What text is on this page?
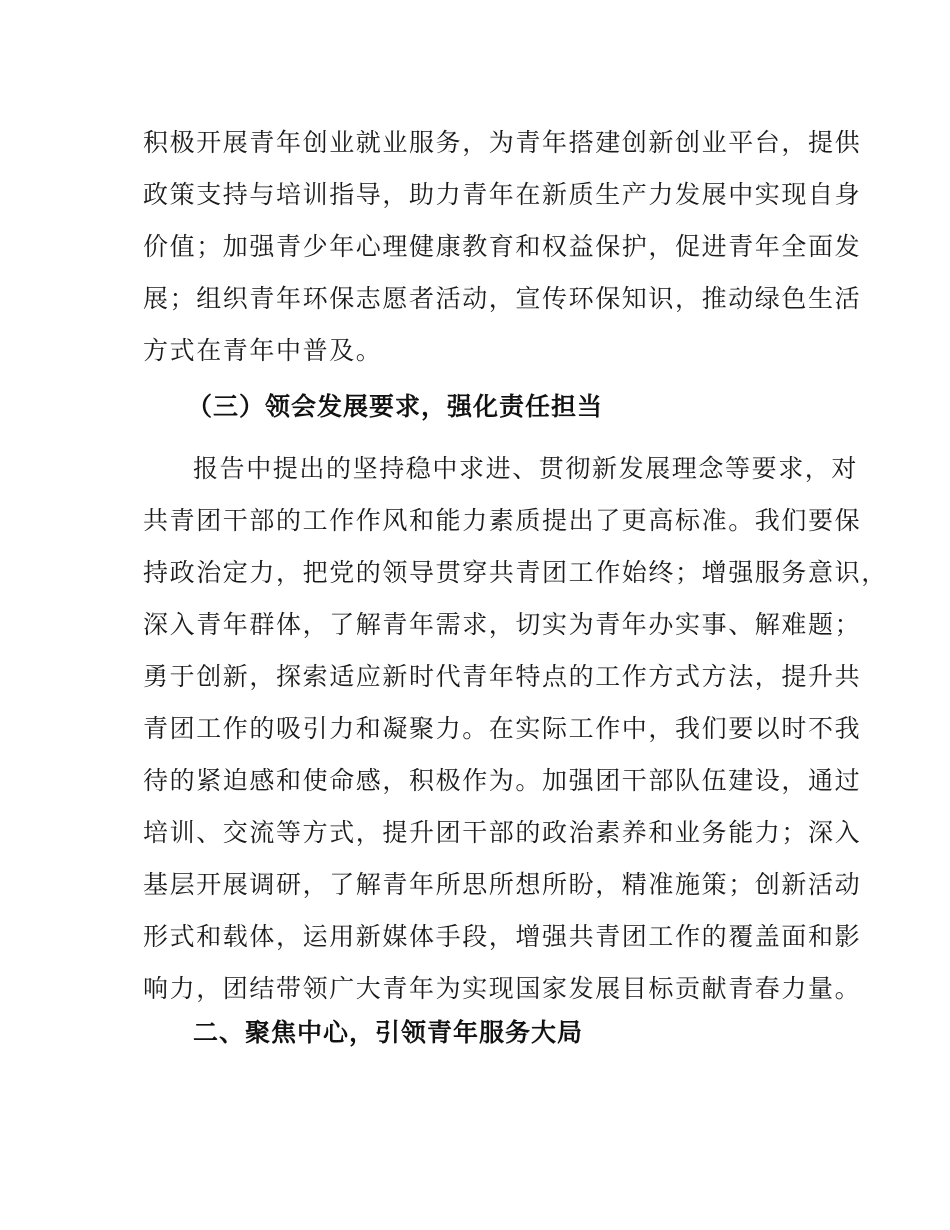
积极开展青年创业就业服务，为青年搭建创新创业平台，提供
政策支持与培训指导，助力青年在新质生产力发展中实现自身
价值；加强青少年心理健康教育和权益保护，促进青年全面发
展；组织青年环保志愿者活动，宣传环保知识，推动绿色生活
方式在青年中普及。
（三）领会发展要求，强化责任担当
报告中提出的坚持稳中求进、贯彻新发展理念等要求，对
共青团干部的工作作风和能力素质提出了更高标准。我们要保
持政治定力，把党的领导贯穿共青团工作始终；增强服务意识，
深入青年群体，了解青年需求，切实为青年办实事、解难题；
勇于创新，探索适应新时代青年特点的工作方式方法，提升共
青团工作的吸引力和凝聚力。在实际工作中，我们要以时不我
待的紧迫感和使命感，积极作为。加强团干部队伍建设，通过
培训、交流等方式，提升团干部的政治素养和业务能力；深入
基层开展调研，了解青年所思所想所盼，精准施策；创新活动
形式和载体，运用新媒体手段，增强共青团工作的覆盖面和影
响力，团结带领广大青年为实现国家发展目标贡献青春力量。
二、聚焦中心，引领青年服务大局
